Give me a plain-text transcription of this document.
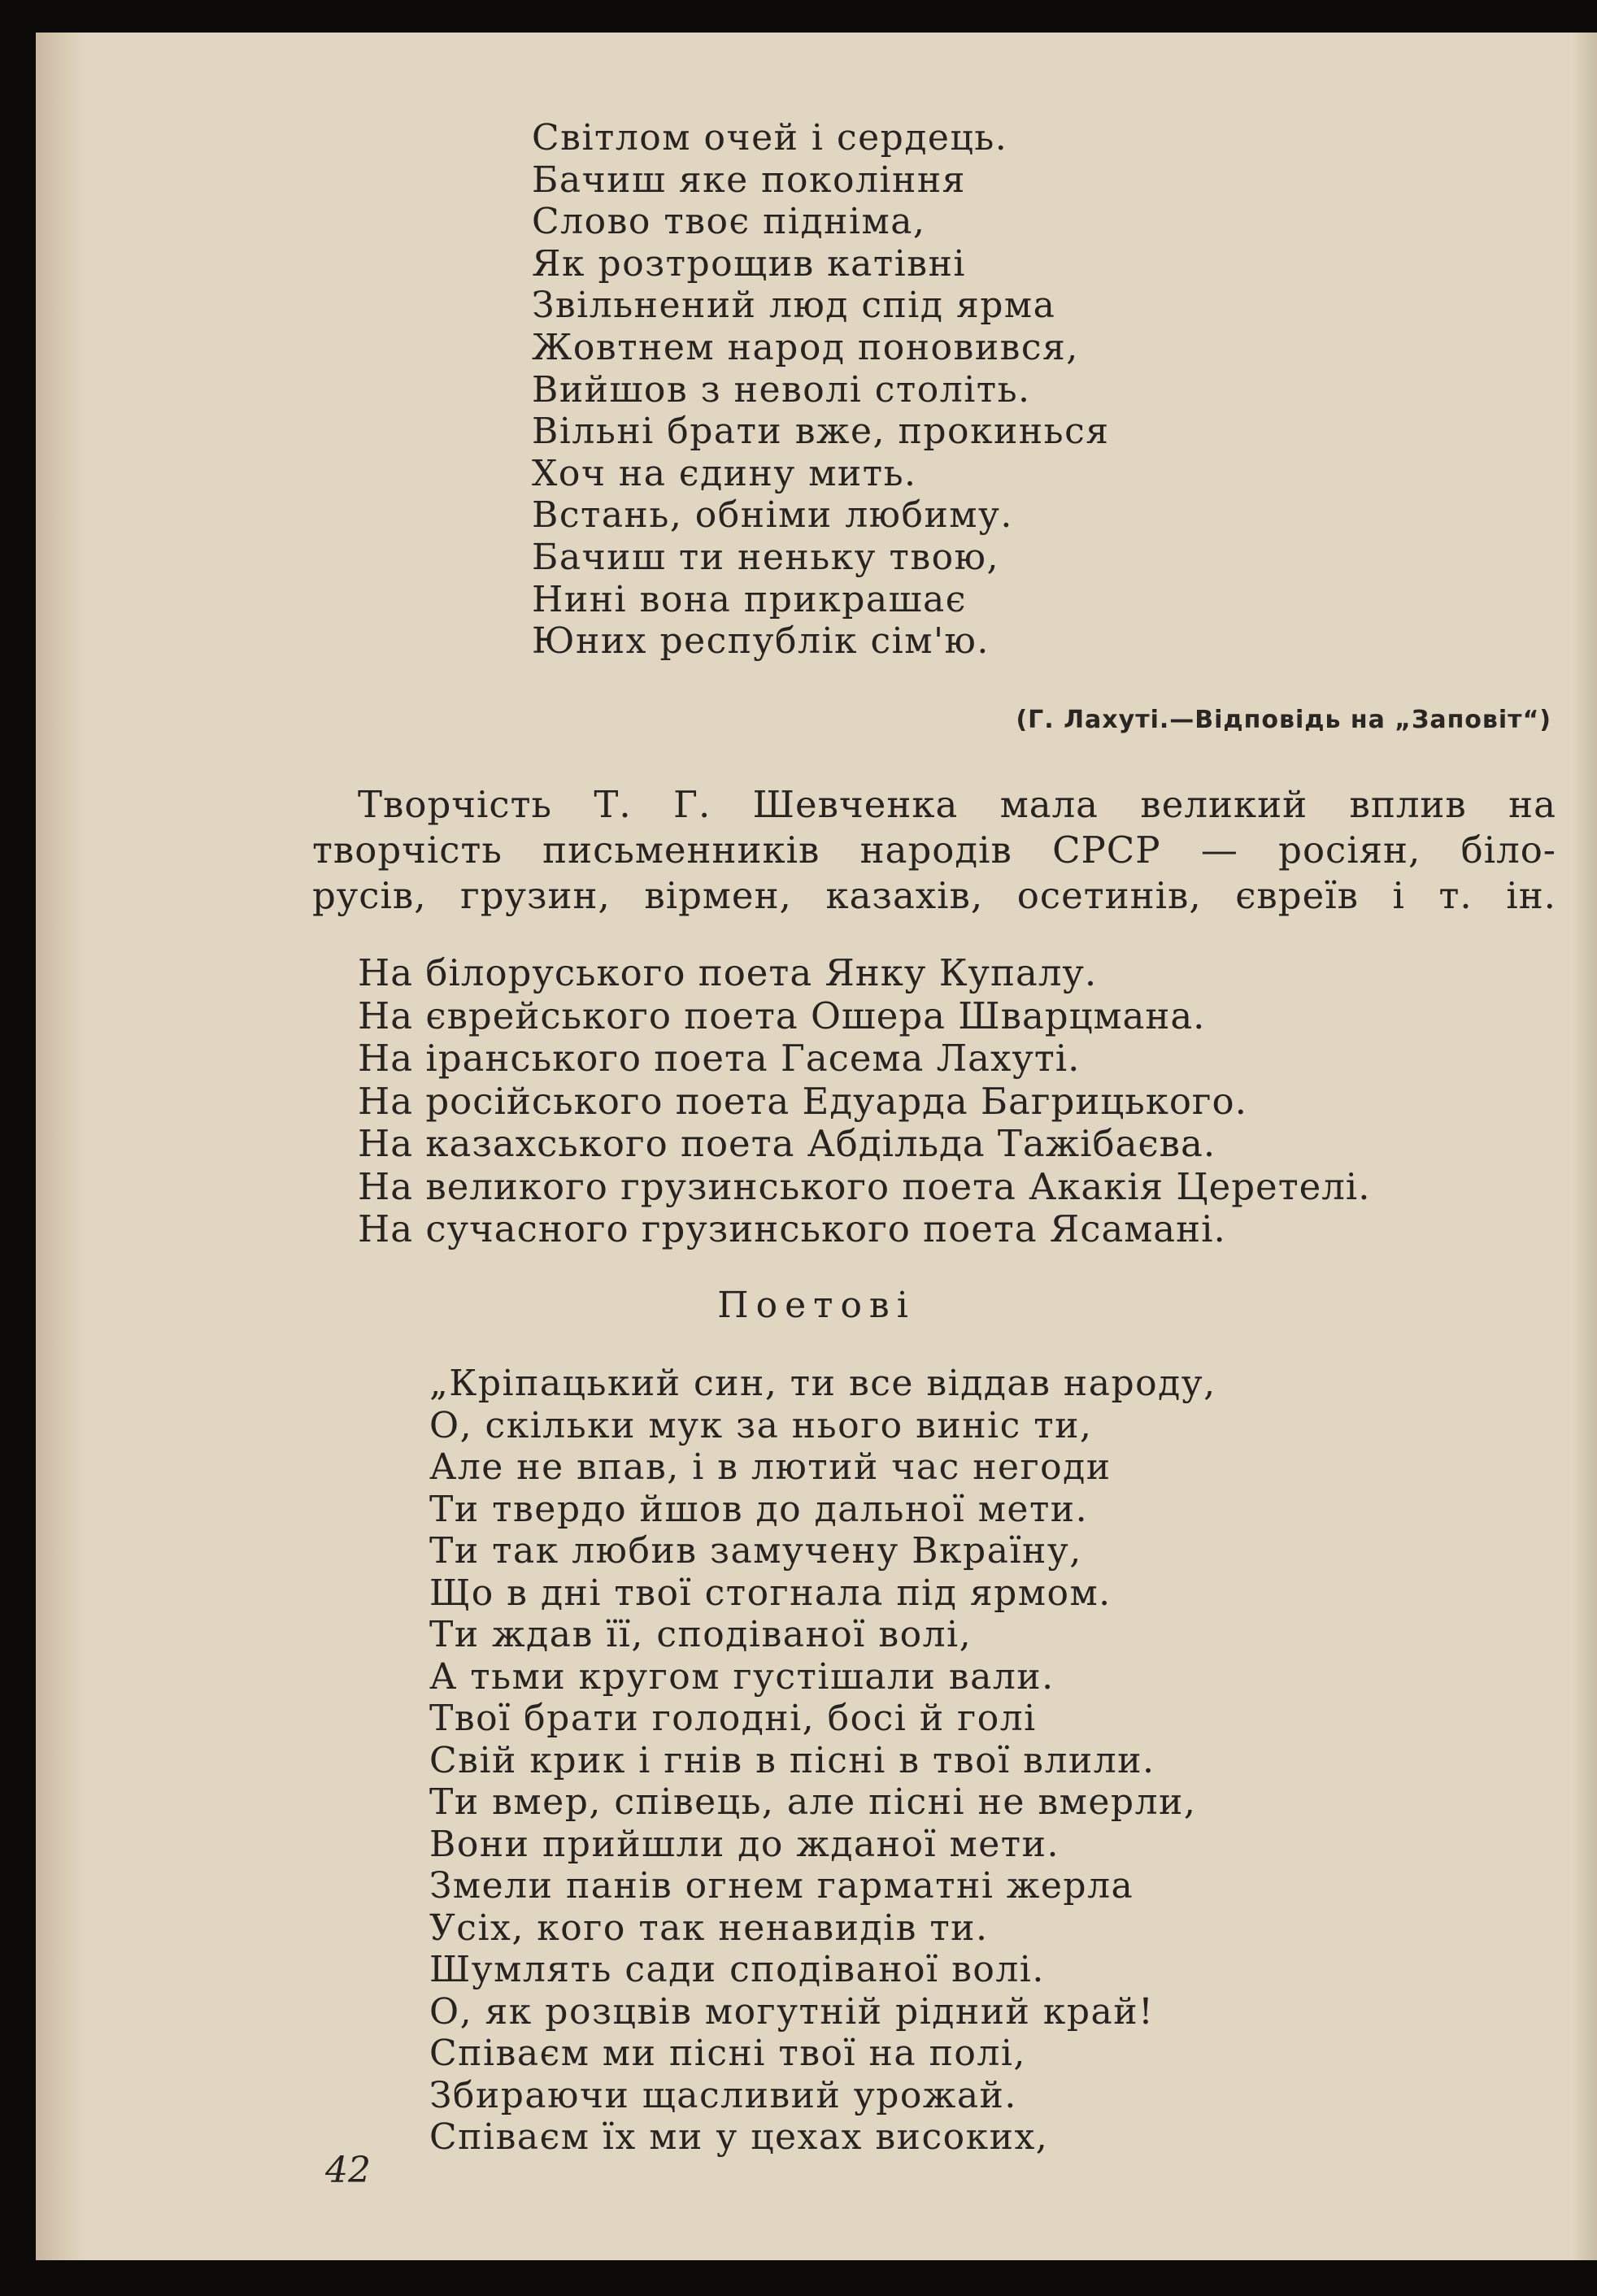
Світлом очей і сердець.
Бачиш яке покоління
Слово твоє підніма,
Як розтрощив катівні
Звільнений люд спід ярма
Жовтнем народ поновився,
Вийшов з неволі століть.
Вільні брати вже, прокинься
Хоч на єдину мить.
Встань, обніми любиму.
Бачиш ти неньку твою,
Нині вона прикрашає
Юних республік сім'ю.
(Г. Лахуті.—Відповідь на „Заповіт“)
Творчість Т. Г. Шевченка мала великий вплив на
творчість письменників народів СРСР — росіян, біло-
русів, грузин, вірмен, казахів, осетинів, євреїв і т. ін.
На білоруського поета Янку Купалу.
На єврейського поета Ошера Шварцмана.
На іранського поета Гасема Лахуті.
На російського поета Едуарда Багрицького.
На казахського поета Абдільда Тажібаєва.
На великого грузинського поета Акакія Церетелі.
На сучасного грузинського поета Ясамані.
Поетові
„Кріпацький син, ти все віддав народу,
О, скільки мук за нього виніс ти,
Але не впав, і в лютий час негоди
Ти твердо йшов до дальної мети.
Ти так любив замучену Вкраїну,
Що в дні твої стогнала під ярмом.
Ти ждав її, сподіваної волі,
А тьми кругом густішали вали.
Твої брати голодні, босі й голі
Свій крик і гнів в пісні в твої влили.
Ти вмер, співець, але пісні не вмерли,
Вони прийшли до жданої мети.
Змели панів огнем гарматні жерла
Усіх, кого так ненавидів ти.
Шумлять сади сподіваної волі.
О, як розцвів могутній рідний край!
Співаєм ми пісні твої на полі,
Збираючи щасливий урожай.
Співаєм їх ми у цехах високих,
42
